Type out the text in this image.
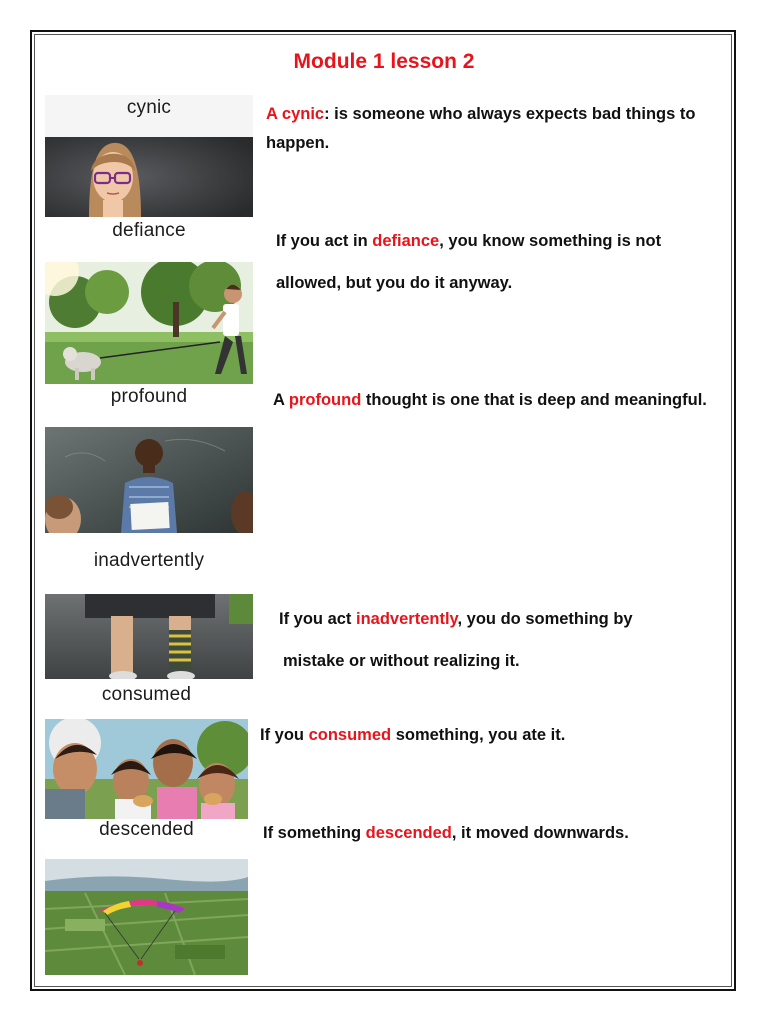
Module 1 lesson 2
cynic
defiance
profound
inadvertently
consumed
descended
A cynic: is someone who always expects bad things to
happen.
If you act in defiance, you know something is not
allowed, but you do it anyway.
A profound thought is one that is deep and meaningful.
If you act inadvertently, you do something by
mistake or without realizing it.
If you consumed something, you ate it.
If something descended, it moved downwards.
